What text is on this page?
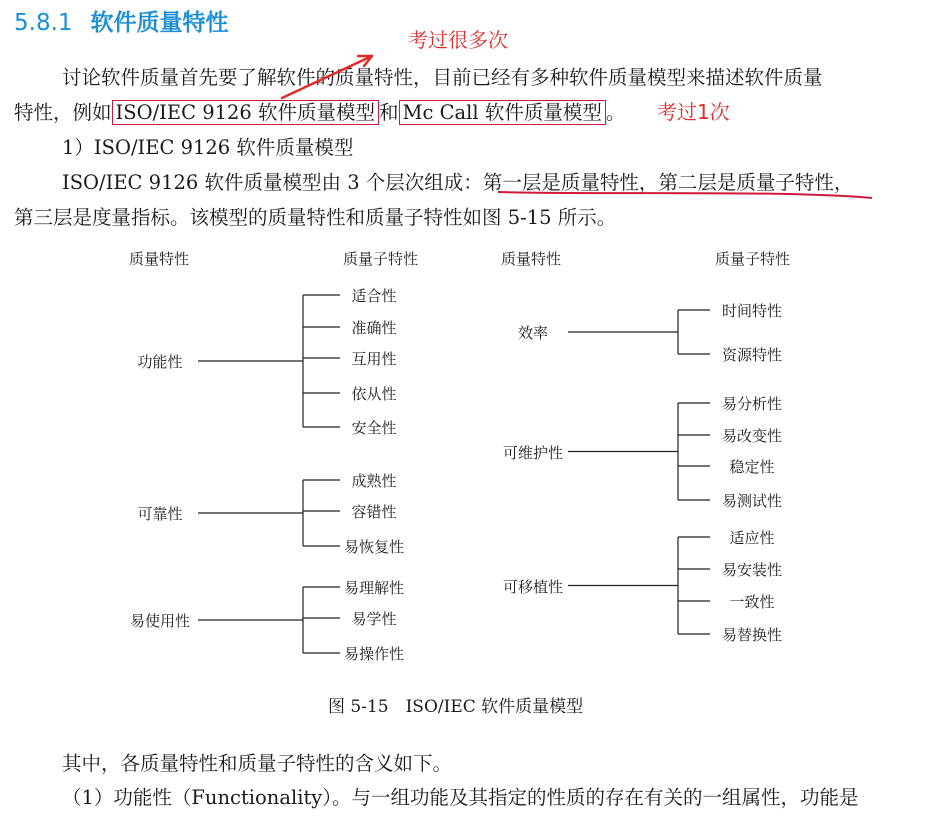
5.8.1 软件质量特性
考过很多次
考过1次
讨论软件质量首先要了解软件的质量特性，目前已经有多种软件质量模型来描述软件质量
特性，例如 ISO/IEC 9126 软件质量模型 和 Mc Call 软件质量模型 。
1）ISO/IEC 9126 软件质量模型
ISO/IEC 9126 软件质量模型由 3 个层次组成：第一层是质量特性，第二层是质量子特性，
第三层是度量指标。该模型的质量特性和质量子特性如图 5-15 所示。
质量特性	质量子特性	质量特性	质量子特性
功能性
适合性
准确性
互用性
依从性
安全性
可靠性
成熟性
容错性
易恢复性
易使用性
易理解性
易学性
易操作性
效率
时间特性
资源特性
可维护性
易分析性
易改变性
稳定性
易测试性
可移植性
适应性
易安装性
一致性
易替换性
图 5-15　ISO/IEC 软件质量模型
其中，各质量特性和质量子特性的含义如下。
（1）功能性（Functionality）。与一组功能及其指定的性质的存在有关的一组属性，功能是
